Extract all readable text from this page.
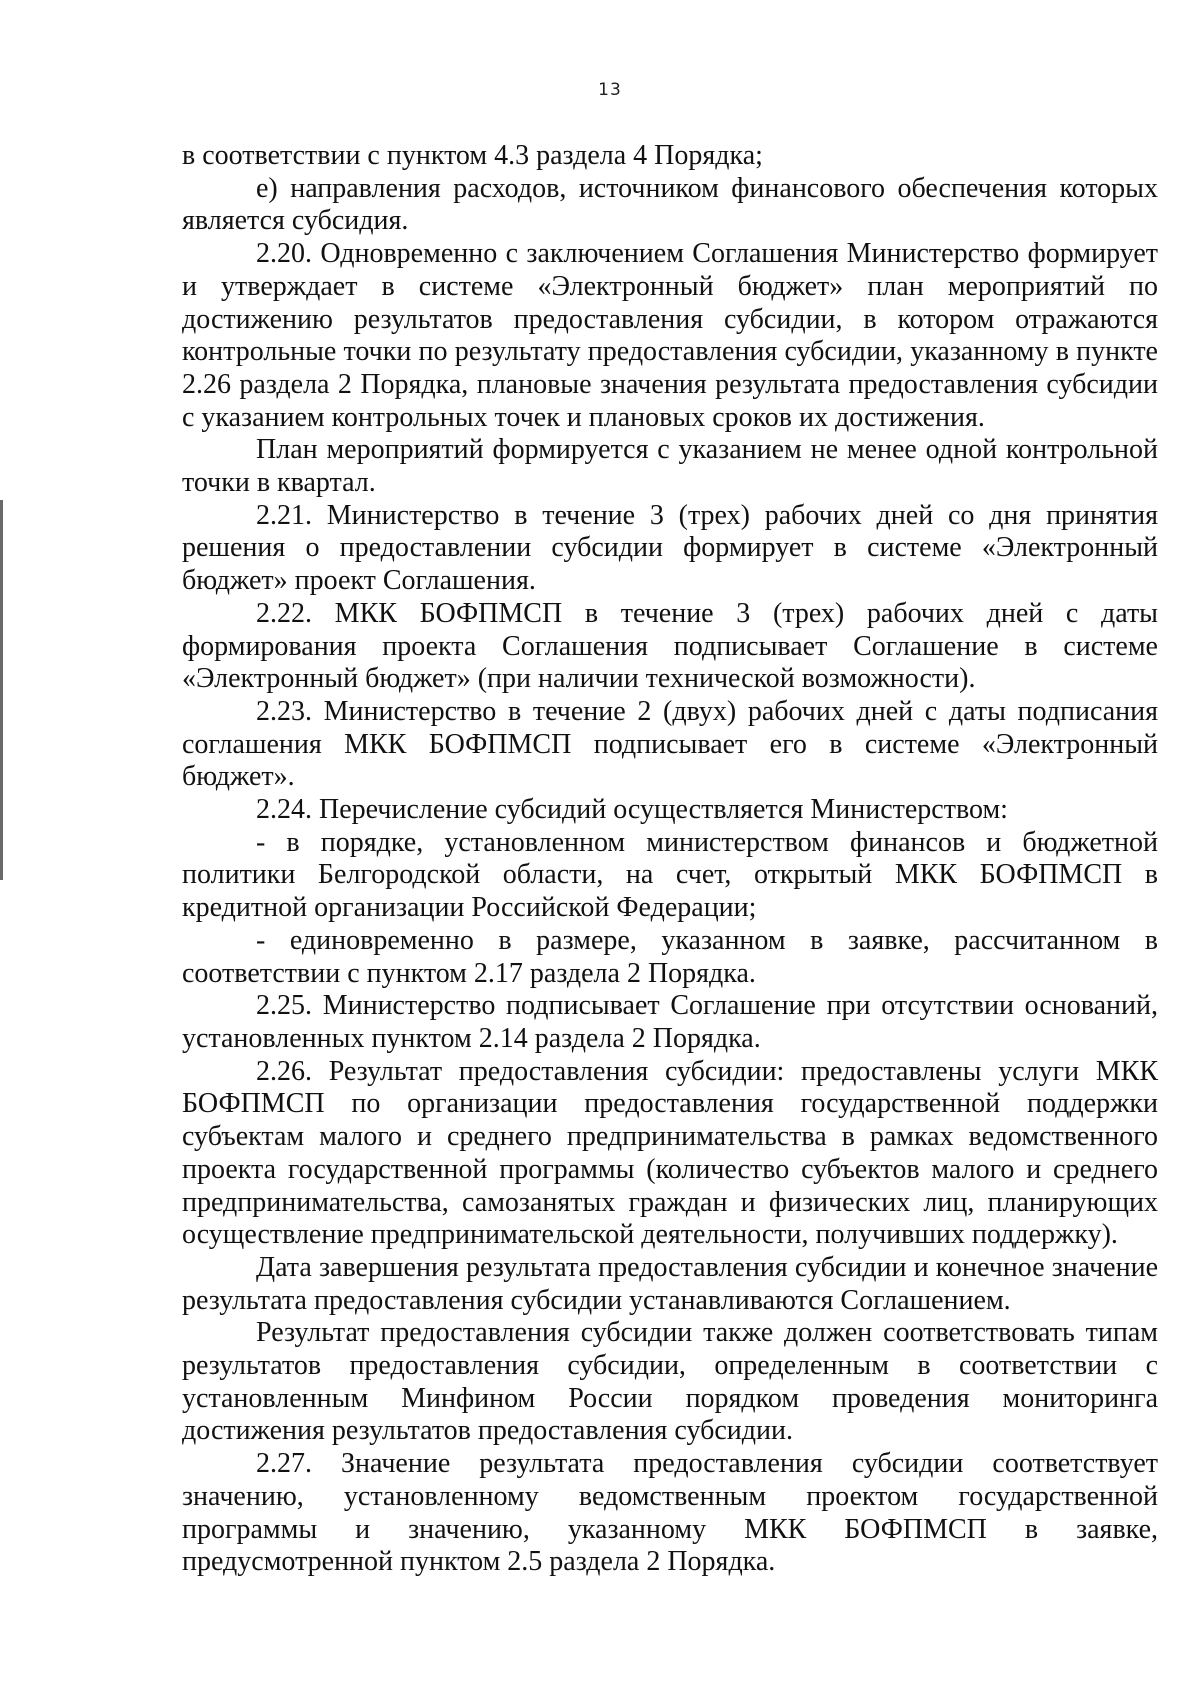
13

в соответствии с пунктом 4.3 раздела 4 Порядка;

е) направления расходов, источником финансового обеспечения которых является субсидия.

2.20. Одновременно с заключением Соглашения Министерство формирует и утверждает в системе «Электронный бюджет» план мероприятий по достижению результатов предоставления субсидии, в котором отражаются контрольные точки по результату предоставления субсидии, указанному в пункте 2.26 раздела 2 Порядка, плановые значения результата предоставления субсидии с указанием контрольных точек и плановых сроков их достижения.

План мероприятий формируется с указанием не менее одной контрольной точки в квартал.

2.21. Министерство в течение 3 (трех) рабочих дней со дня принятия решения о предоставлении субсидии формирует в системе «Электронный бюджет» проект Соглашения.

2.22. МКК БОФПМСП в течение 3 (трех) рабочих дней с даты формирования проекта Соглашения подписывает Соглашение в системе «Электронный бюджет» (при наличии технической возможности).

2.23. Министерство в течение 2 (двух) рабочих дней с даты подписания соглашения МКК БОФПМСП подписывает его в системе «Электронный бюджет».

2.24. Перечисление субсидий осуществляется Министерством:

- в порядке, установленном министерством финансов и бюджетной политики Белгородской области, на счет, открытый МКК БОФПМСП в кредитной организации Российской Федерации;

- единовременно в размере, указанном в заявке, рассчитанном в соответствии с пунктом 2.17 раздела 2 Порядка.

2.25. Министерство подписывает Соглашение при отсутствии оснований, установленных пунктом 2.14 раздела 2 Порядка.

2.26. Результат предоставления субсидии: предоставлены услуги МКК БОФПМСП по организации предоставления государственной поддержки субъектам малого и среднего предпринимательства в рамках ведомственного проекта государственной программы (количество субъектов малого и среднего предпринимательства, самозанятых граждан и физических лиц, планирующих осуществление предпринимательской деятельности, получивших поддержку).

Дата завершения результата предоставления субсидии и конечное значение результата предоставления субсидии устанавливаются Соглашением.

Результат предоставления субсидии также должен соответствовать типам результатов предоставления субсидии, определенным в соответствии с установленным Минфином России порядком проведения мониторинга достижения результатов предоставления субсидии.

2.27. Значение результата предоставления субсидии соответствует значению, установленному ведомственным проектом государственной программы и значению, указанному МКК БОФПМСП в заявке, предусмотренной пунктом 2.5 раздела 2 Порядка.
